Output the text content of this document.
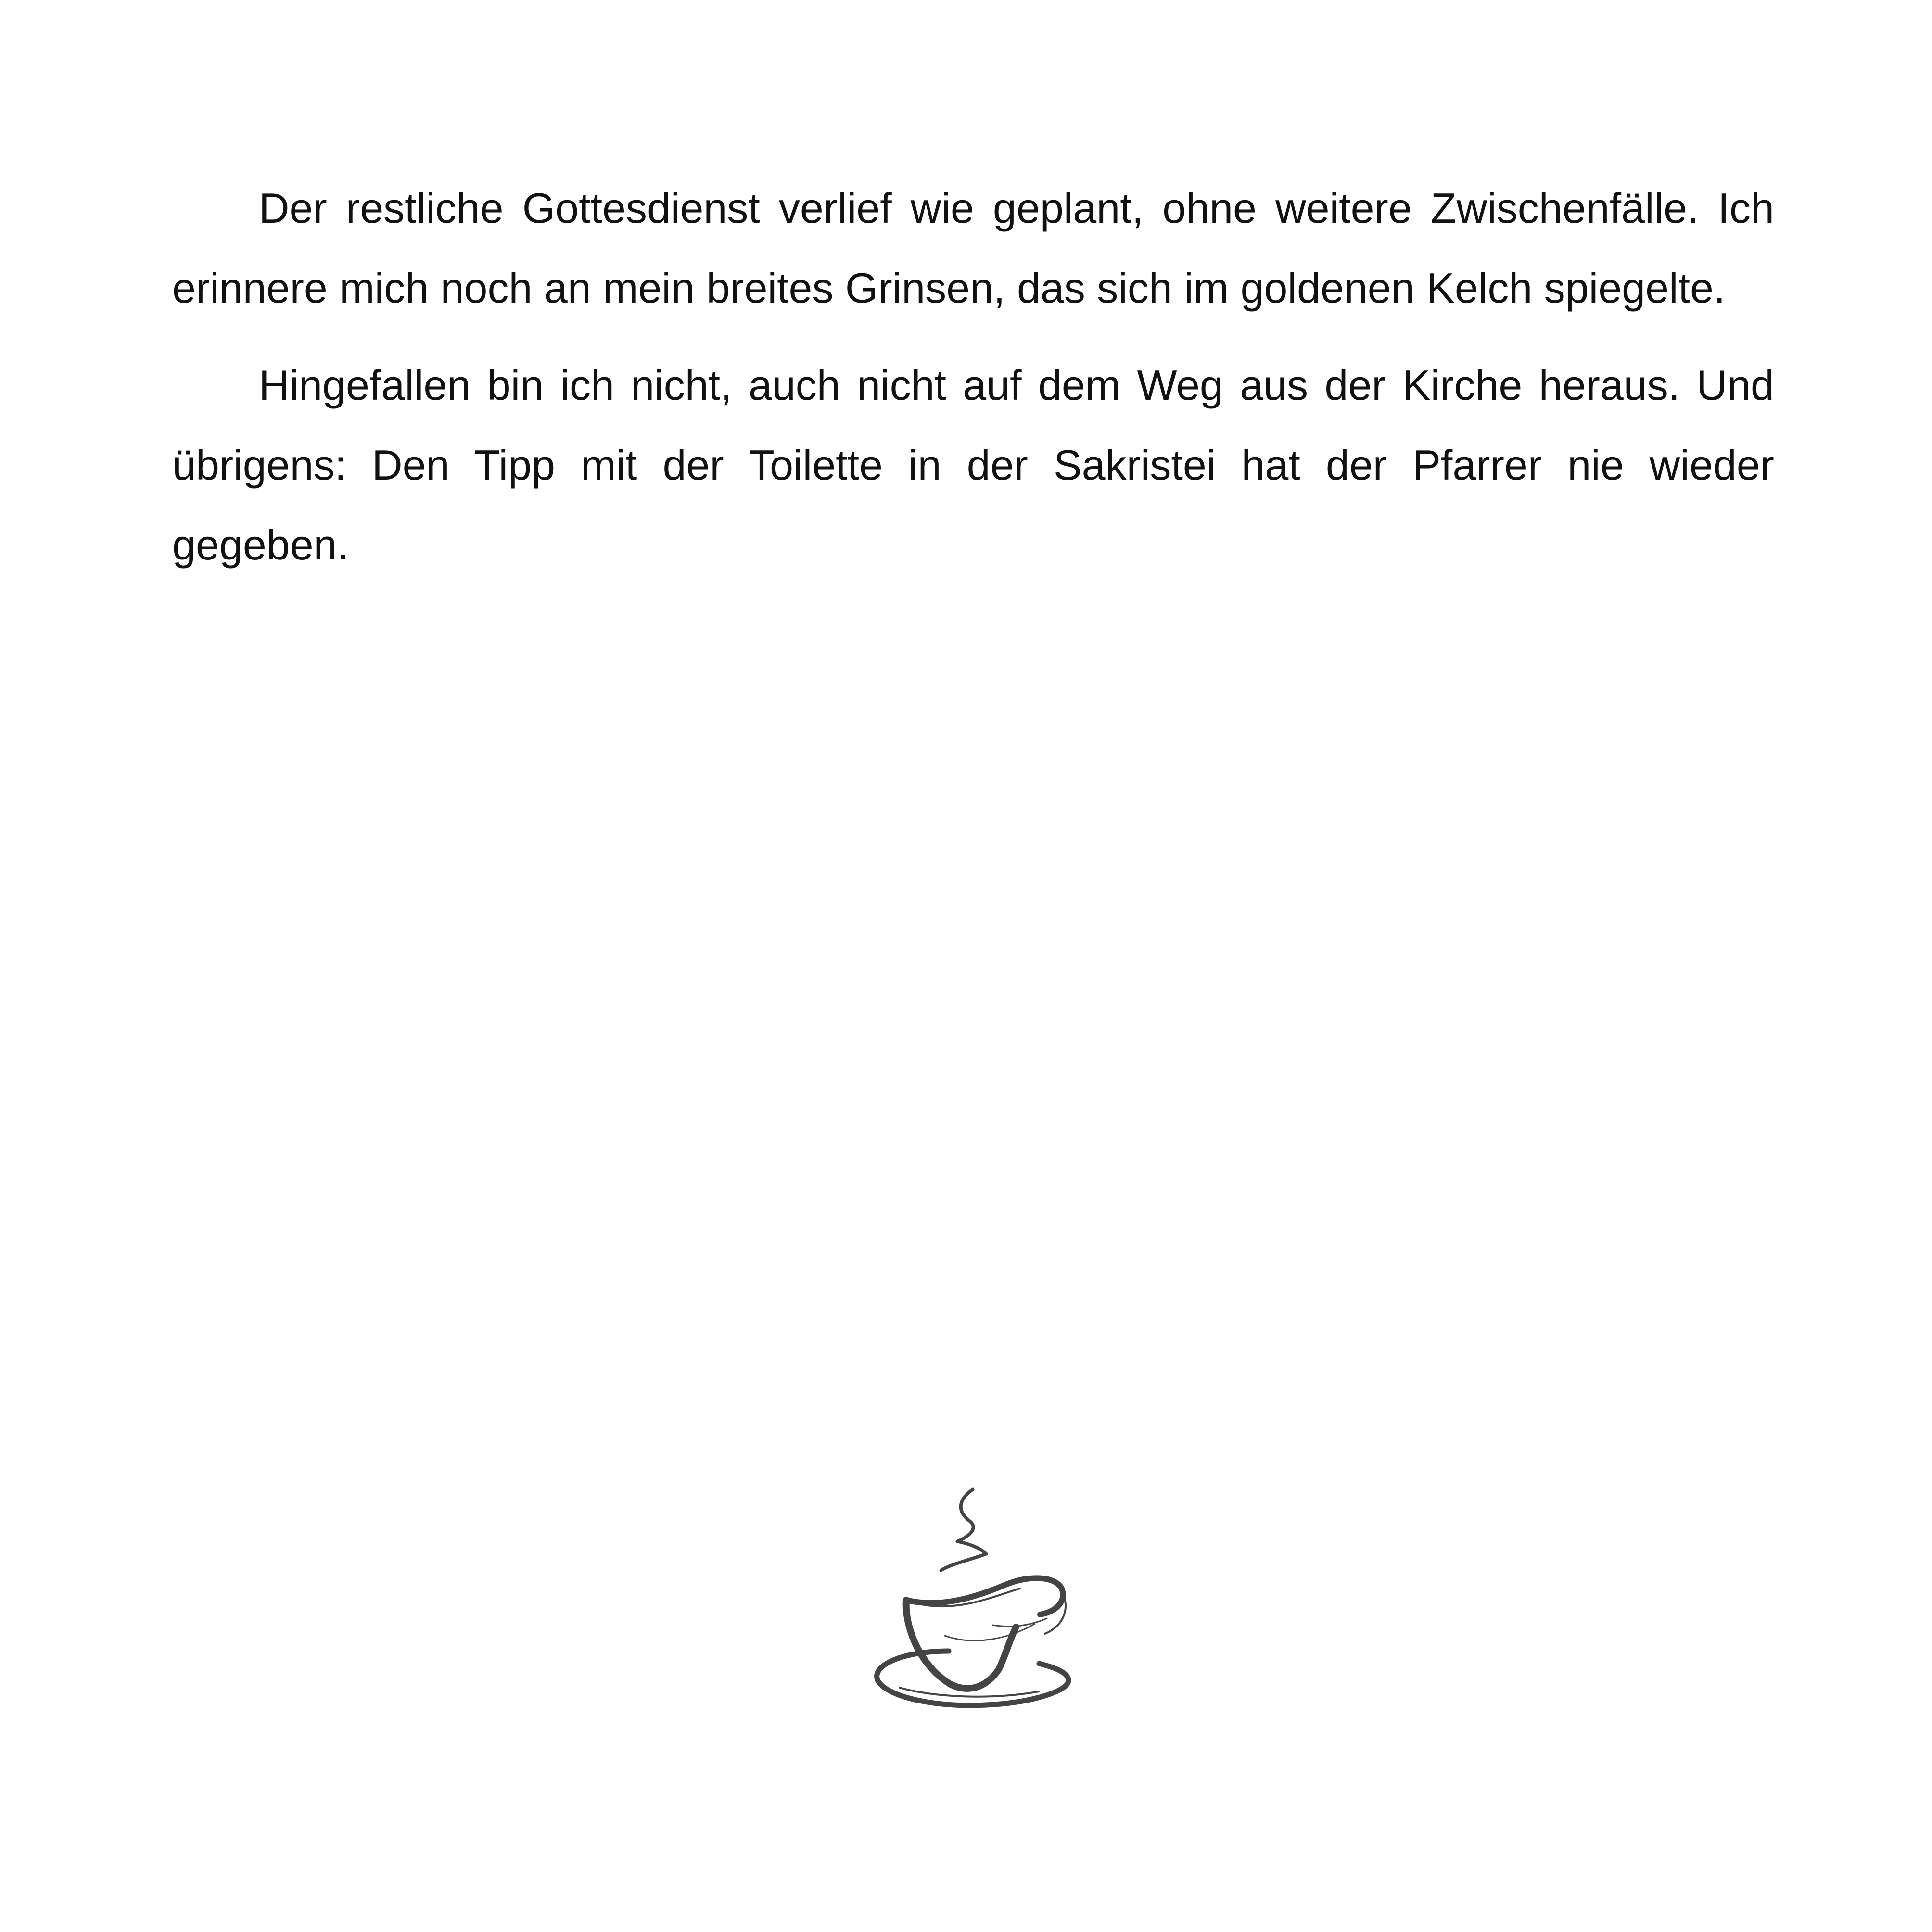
Der restliche Gottesdienst verlief wie geplant, ohne weitere Zwischenfälle. Ich erinnere mich noch an mein breites Grinsen, das sich im goldenen Kelch spiegelte.

Hingefallen bin ich nicht, auch nicht auf dem Weg aus der Kirche heraus. Und übrigens: Den Tipp mit der Toilette in der Sakristei hat der Pfarrer nie wieder gegeben.
